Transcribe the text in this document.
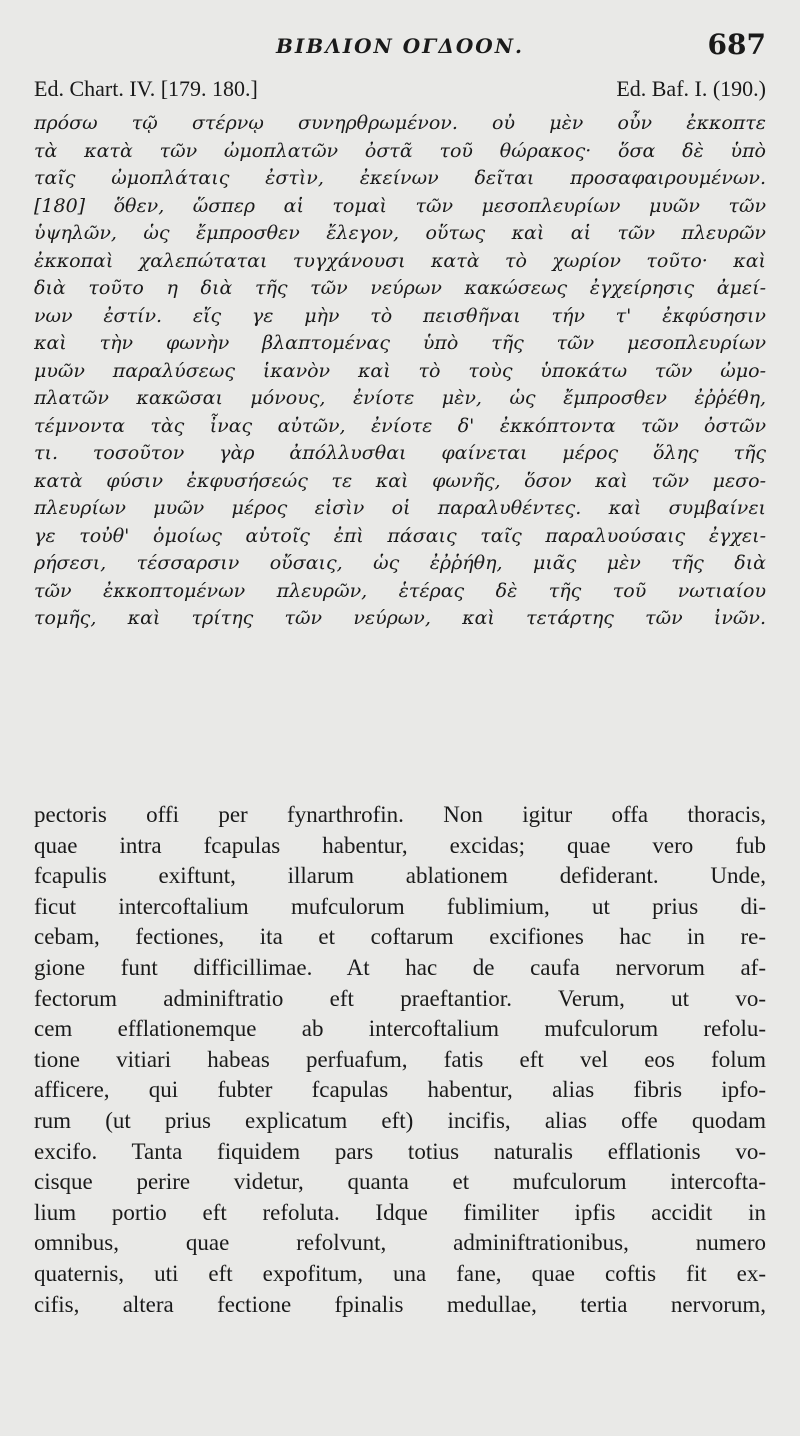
ΒΙΒΛΙΟΝ ΟΓΔΟΟΝ.	687
Ed. Chart. IV. [179. 180.]	Ed. Baf. I. (190.)
πρόσω τῷ στέρνῳ συνηρθρωμένον. οὐ μὲν οὖν ἐκκοπτε
τὰ κατὰ τῶν ὠμοπλατῶν ὀστᾶ τοῦ θώρακος· ὅσα δὲ ὑπὸ
ταῖς ὠμοπλάταις ἐστὶν, ἐκείνων δεῖται προσαφαιρουμένων.
[180] ὅθεν, ὥσπερ αἱ τομαὶ τῶν μεσοπλευρίων μυῶν τῶν
ὑψηλῶν, ὡς ἔμπροσθεν ἔλεγον, οὕτως καὶ αἱ τῶν πλευρῶν
ἐκκοπαὶ χαλεπώταται τυγχάνουσι κατὰ τὸ χωρίον τοῦτο· καὶ
διὰ τοῦτο η διὰ τῆς τῶν νεύρων κακώσεως ἐγχείρησις ἀμεί-
νων ἐστίν. εἴς γε μὴν τὸ πεισθῆναι τήν τ' ἐκφύσησιν
καὶ τὴν φωνὴν βλαπτομένας ὑπὸ τῆς τῶν μεσοπλευρίων
μυῶν παραλύσεως ἱκανὸν καὶ τὸ τοὺς ὑποκάτω τῶν ὠμο-
πλατῶν κακῶσαι μόνους, ἐνίοτε μὲν, ὡς ἔμπροσθεν ἐῤῥέθη,
τέμνοντα τὰς ἶνας αὐτῶν, ἐνίοτε δ' ἐκκόπτοντα τῶν ὀστῶν
τι. τοσοῦτον γὰρ ἀπόλλυσθαι φαίνεται μέρος ὅλης τῆς
κατὰ φύσιν ἐκφυσήσεώς τε καὶ φωνῆς, ὅσον καὶ τῶν μεσο-
πλευρίων μυῶν μέρος εἰσὶν οἱ παραλυθέντες. καὶ συμβαίνει
γε τοὐθ' ὁμοίως αὐτοῖς ἐπὶ πάσαις ταῖς παραλυούσαις ἐγχει-
ρήσεσι, τέσσαρσιν οὔσαις, ὡς ἐῤῥήθη, μιᾶς μὲν τῆς διὰ
τῶν ἐκκοπτομένων πλευρῶν, ἑτέρας δὲ τῆς τοῦ νωτιαίου
τομῆς, καὶ τρίτης τῶν νεύρων, καὶ τετάρτης τῶν ἰνῶν.
pectoris offi per fynarthrofin. Non igitur offa thoracis,
quae intra fcapulas habentur, excidas; quae vero fub
fcapulis exiftunt, illarum ablationem defiderant. Unde,
ficut intercoftalium mufculorum fublimium, ut prius di-
cebam, fectiones, ita et coftarum excifiones hac in re-
gione funt difficillimae. At hac de caufa nervorum af-
fectorum adminiftratio eft praeftantior. Verum, ut vo-
cem efflationemque ab intercoftalium mufculorum refolu-
tione vitiari habeas perfuafum, fatis eft vel eos folum
afficere, qui fubter fcapulas habentur, alias fibris ipfo-
rum (ut prius explicatum eft) incifis, alias offe quodam
excifo. Tanta fiquidem pars totius naturalis efflationis vo-
cisque perire videtur, quanta et mufculorum intercofta-
lium portio eft refoluta. Idque fimiliter ipfis accidit in
omnibus, quae refolvunt, adminiftrationibus, numero
quaternis, uti eft expofitum, una fane, quae coftis fit ex-
cifis, altera fectione fpinalis medullae, tertia nervorum,
